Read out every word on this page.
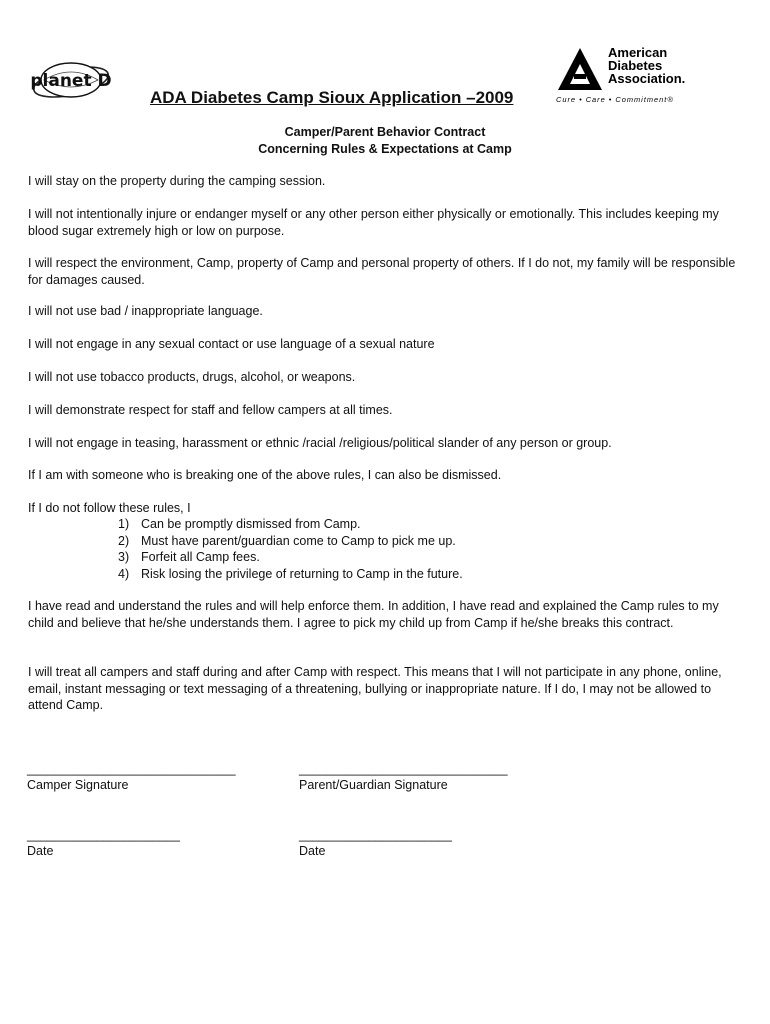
planet D
American
Diabetes
Association.
Cure • Care • Commitment®
ADA Diabetes Camp Sioux Application –2009
Camper/Parent Behavior Contract
Concerning Rules & Expectations at Camp

I will stay on the property during the camping session.

I will not intentionally injure or endanger myself or any other person either physically or emotionally. This includes keeping my blood sugar extremely high or low on purpose.

I will respect the environment, Camp, property of Camp and personal property of others. If I do not, my family will be responsible for damages caused.

I will not use bad / inappropriate language.

I will not engage in any sexual contact or use language of a sexual nature

I will not use tobacco products, drugs, alcohol, or weapons.

I will demonstrate respect for staff and fellow campers at all times.

I will not engage in teasing, harassment or ethnic /racial /religious/political slander of any person or group.

If I am with someone who is breaking one of the above rules, I can also be dismissed.

If I do not follow these rules, I

1) Can be promptly dismissed from Camp.
2) Must have parent/guardian come to Camp to pick me up.
3) Forfeit all Camp fees.
4) Risk losing the privilege of returning to Camp in the future.

I have read and understand the rules and will help enforce them. In addition, I have read and explained the Camp rules to my child and believe that he/she understands them. I agree to pick my child up from Camp if he/she breaks this contract.

I will treat all campers and staff during and after Camp with respect. This means that I will not participate in any phone, online, email, instant messaging or text messaging of a threatening, bullying or inappropriate nature. If I do, I may not be allowed to attend Camp.

______________________________
Camper Signature
______________________________
Parent/Guardian Signature
______________________
Date
______________________
Date
